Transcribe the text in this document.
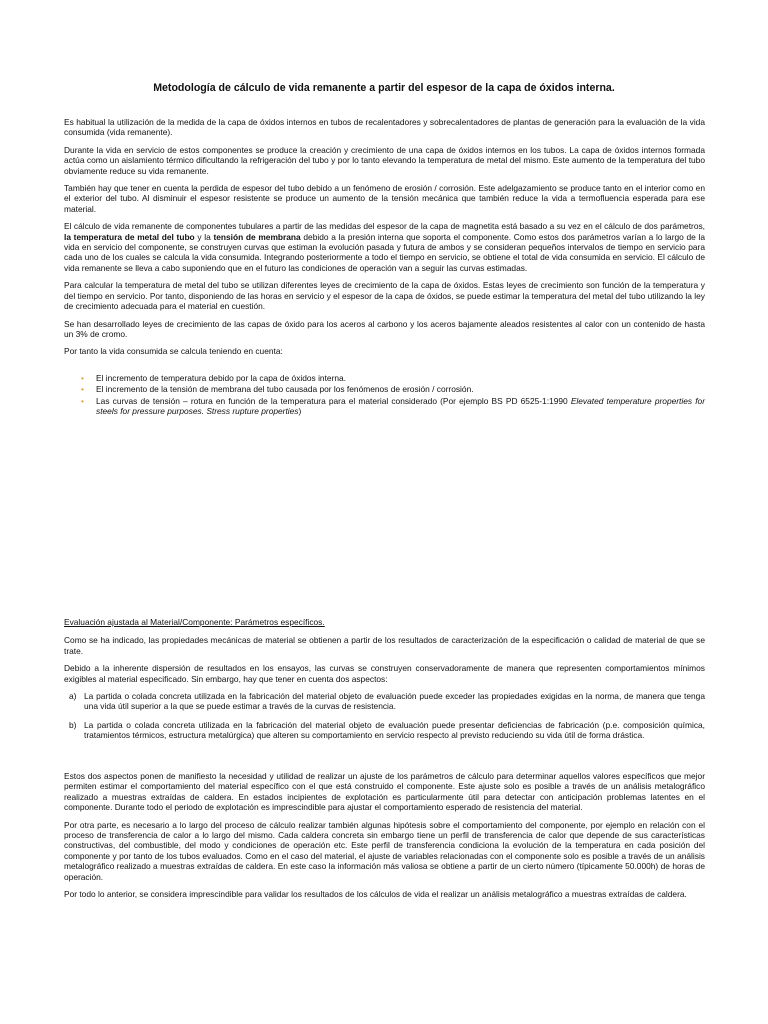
Metodología de cálculo de vida remanente a partir del espesor de la capa de óxidos interna.

Es habitual la utilización de la medida de la capa de óxidos internos en tubos de recalentadores y sobrecalentadores de plantas de generación para la evaluación de la vida consumida (vida remanente).

Durante la vida en servicio de estos componentes se produce la creación y crecimiento de una capa de óxidos internos en los tubos. La capa de óxidos internos formada actúa como un aislamiento térmico dificultando la refrigeración del tubo y por lo tanto elevando la temperatura de metal del mismo. Este aumento de la temperatura del tubo obviamente reduce su vida remanente.

También hay que tener en cuenta la perdida de espesor del tubo debido a un fenómeno de erosión / corrosión. Este adelgazamiento se produce tanto en el interior como en el exterior del tubo. Al disminuir el espesor resistente se produce un aumento de la tensión mecánica que también reduce la vida a termofluencia esperada para ese material.

El cálculo de vida remanente de componentes tubulares a partir de las medidas del espesor de la capa de magnetita está basado a su vez en el cálculo de dos parámetros, la temperatura de metal del tubo y la tensión de membrana debido a la presión interna que soporta el componente. Como estos dos parámetros varían a lo largo de la vida en servicio del componente, se construyen curvas que estiman la evolución pasada y futura de ambos y se consideran pequeños intervalos de tiempo en servicio para cada uno de los cuales se calcula la vida consumida. Integrando posteriormente a todo el tiempo en servicio, se obtiene el total de vida consumida en servicio. El cálculo de vida remanente se lleva a cabo suponiendo que en el futuro las condiciones de operación van a seguir las curvas estimadas.

Para calcular la temperatura de metal del tubo se utilizan diferentes leyes de crecimiento de la capa de óxidos. Estas leyes de crecimiento son función de la temperatura y del tiempo en servicio. Por tanto, disponiendo de las horas en servicio y el espesor de la capa de óxidos, se puede estimar la temperatura del metal del tubo utilizando la ley de crecimiento adecuada para el material en cuestión.

Se han desarrollado leyes de crecimiento de las capas de óxido para los aceros al carbono y los aceros bajamente aleados resistentes al calor con un contenido de hasta un 3% de cromo.

Por tanto la vida consumida se calcula teniendo en cuenta:

• El incremento de temperatura debido por la capa de óxidos interna.
• El incremento de la tensión de membrana del tubo causada por los fenómenos de erosión / corrosión.
• Las curvas de tensión – rotura en función de la temperatura para el material considerado (Por ejemplo BS PD 6525-1:1990 Elevated temperature properties for steels for pressure purposes. Stress rupture properties)
Evaluación ajustada al Material/Componente: Parámetros específicos.

Como se ha indicado, las propiedades mecánicas de material se obtienen a partir de los resultados de caracterización de la especificación o calidad de material de que se trate.

Debido a la inherente dispersión de resultados en los ensayos, las curvas se construyen conservadoramente de manera que representen comportamientos mínimos exigibles al material especificado. Sin embargo, hay que tener en cuenta dos aspectos:

a) La partida o colada concreta utilizada en la fabricación del material objeto de evaluación puede exceder las propiedades exigidas en la norma, de manera que tenga una vida útil superior a la que se puede estimar a través de la curvas de resistencia.
b) La partida o colada concreta utilizada en la fabricación del material objeto de evaluación puede presentar deficiencias de fabricación (p.e. composición química, tratamientos térmicos, estructura metalúrgica) que alteren su comportamiento en servicio respecto al previsto reduciendo su vida útil de forma drástica.

Estos dos aspectos ponen de manifiesto la necesidad y utilidad de realizar un ajuste de los parámetros de cálculo para determinar aquellos valores específicos que mejor permiten estimar el comportamiento del material específico con el que está construido el componente. Este ajuste solo es posible a través de un análisis metalográfico realizado a muestras extraídas de caldera. En estados incipientes de explotación es particularmente útil para detectar con anticipación problemas latentes en el componente. Durante todo el periodo de explotación es imprescindible para ajustar el comportamiento esperado de resistencia del material.

Por otra parte, es necesario a lo largo del proceso de cálculo realizar también algunas hipótesis sobre el comportamiento del componente, por ejemplo en relación con el proceso de transferencia de calor a lo largo del mismo. Cada caldera concreta sin embargo tiene un perfil de transferencia de calor que depende de sus características constructivas, del combustible, del modo y condiciones de operación etc. Este perfil de transferencia condiciona la evolución de la temperatura en cada posición del componente y por tanto de los tubos evaluados. Como en el caso del material, el ajuste de variables relacionadas con el componente solo es posible a través de un análisis metalográfico realizado a muestras extraídas de caldera. En este caso la información más valiosa se obtiene a partir de un cierto número (típicamente 50.000h) de horas de operación.

Por todo lo anterior, se considera imprescindible para validar los resultados de los cálculos de vida el realizar un análisis metalográfico a muestras extraídas de caldera.
